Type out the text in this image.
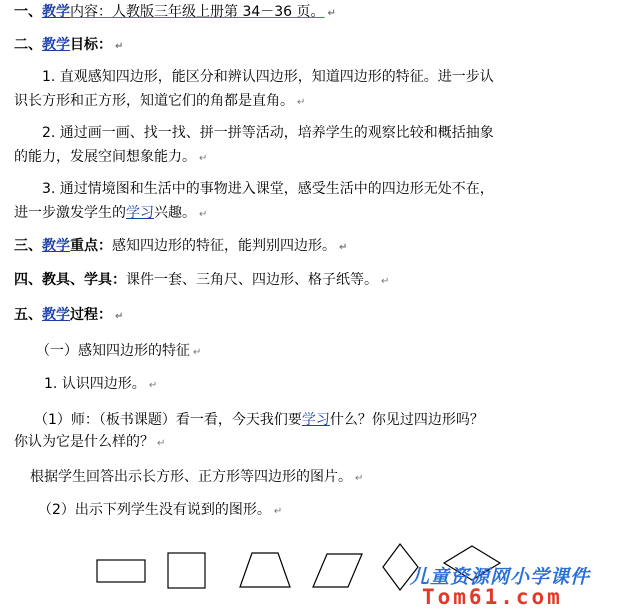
一、教学内容：人教版三年级上册第 34－36 页。 ↵
二、教学目标： ↵
1. 直观感知四边形，能区分和辨认四边形，知道四边形的特征。进一步认
识长方形和正方形，知道它们的角都是直角。 ↵
2. 通过画一画、找一找、拼一拼等活动，培养学生的观察比较和概括抽象
的能力，发展空间想象能力。 ↵
3. 通过情境图和生活中的事物进入课堂，感受生活中的四边形无处不在，
进一步激发学生的学习兴趣。 ↵
三、教学重点：感知四边形的特征，能判别四边形。 ↵
四、教具、学具：课件一套、三角尺、四边形、格子纸等。 ↵
五、教学过程： ↵
（一）感知四边形的特征 ↵
1. 认识四边形。 ↵
（1）师：（板书课题）看一看，今天我们要学习什么？你见过四边形吗？
你认为它是什么样的？ ↵
根据学生回答出示长方形、正方形等四边形的图片。 ↵
（2）出示下列学生没有说到的图形。 ↵
儿童资源网小学课件
Tom61.com
